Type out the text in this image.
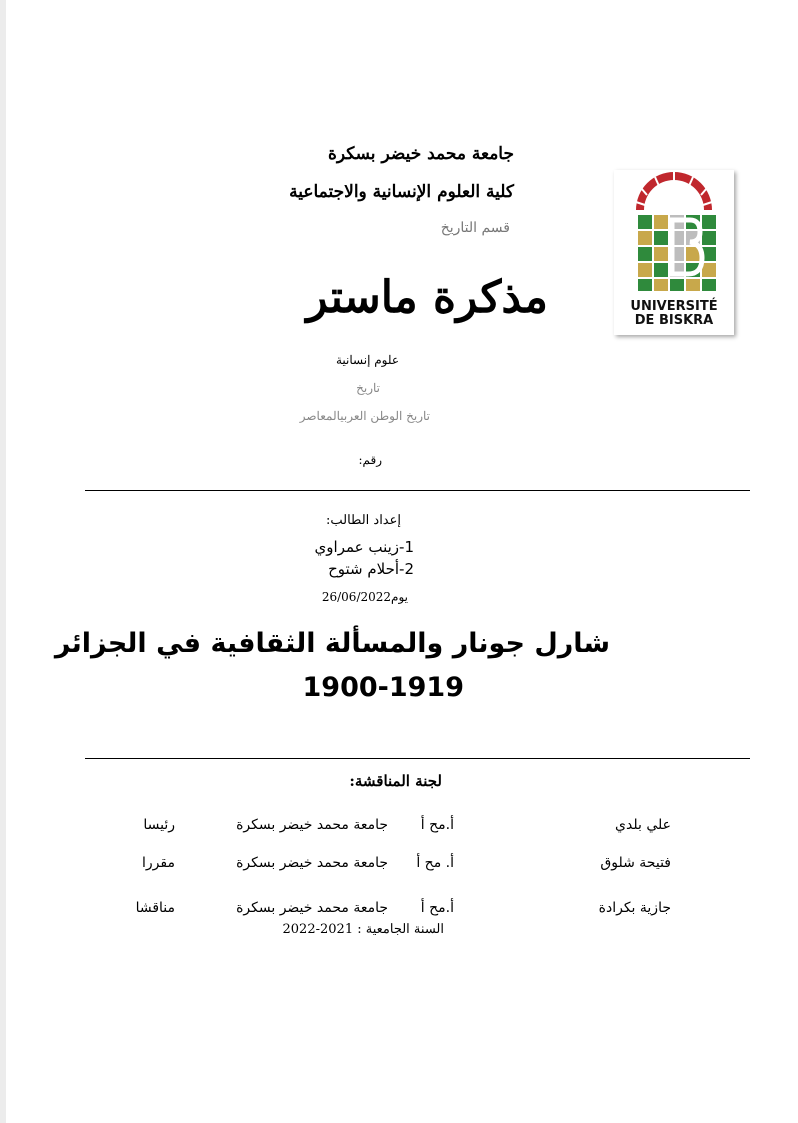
جامعة محمد خيضر بسكرة
كلية العلوم الإنسانية والاجتماعية
قسم التاريخ
مذكرة ماستر
علوم إنسانية
تاريخ
تاريخ الوطن العربيالمعاصر
رقم:
إعداد الطالب:
1-زينب عمراوي
2-أحلام شتوح
يوم26/06/2022
شارل جونار والمسألة الثقافية في الجزائر
1900-1919
لجنة المناقشة:
علي بلدي
أ.مح أ
جامعة محمد خيضر بسكرة
رئيسا
فتيحة شلوق
أ. مح أ
جامعة محمد خيضر بسكرة
مقررا
جازية بكرادة
أ.مح أ
جامعة محمد خيضر بسكرة
مناقشا
السنة الجامعية : 2021-2022
UNIVERSITÉ
DE BISKRA
